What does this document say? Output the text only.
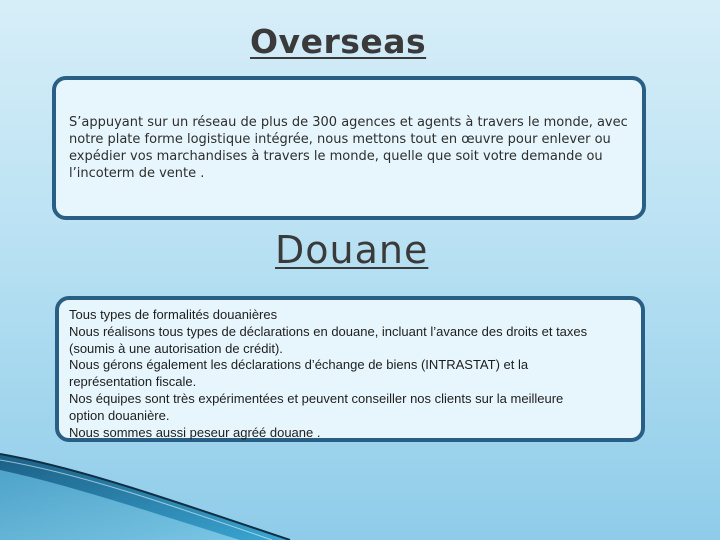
Overseas

S’appuyant sur un réseau de plus de 300 agences et agents à travers le monde, avec notre plate forme logistique intégrée, nous mettons tout en œuvre pour enlever ou expédier vos marchandises à travers le monde, quelle que soit votre demande ou l’incoterm de vente .

Douane
Tous types de formalités douanières
Nous réalisons tous types de déclarations en douane, incluant l’avance des droits et taxes
(soumis à une autorisation de crédit).
Nous gérons également les déclarations d’échange de biens (INTRASTAT) et la
représentation fiscale.
Nos équipes sont très expérimentées et peuvent conseiller nos clients sur la meilleure
option douanière.
Nous sommes aussi peseur agréé douane .
